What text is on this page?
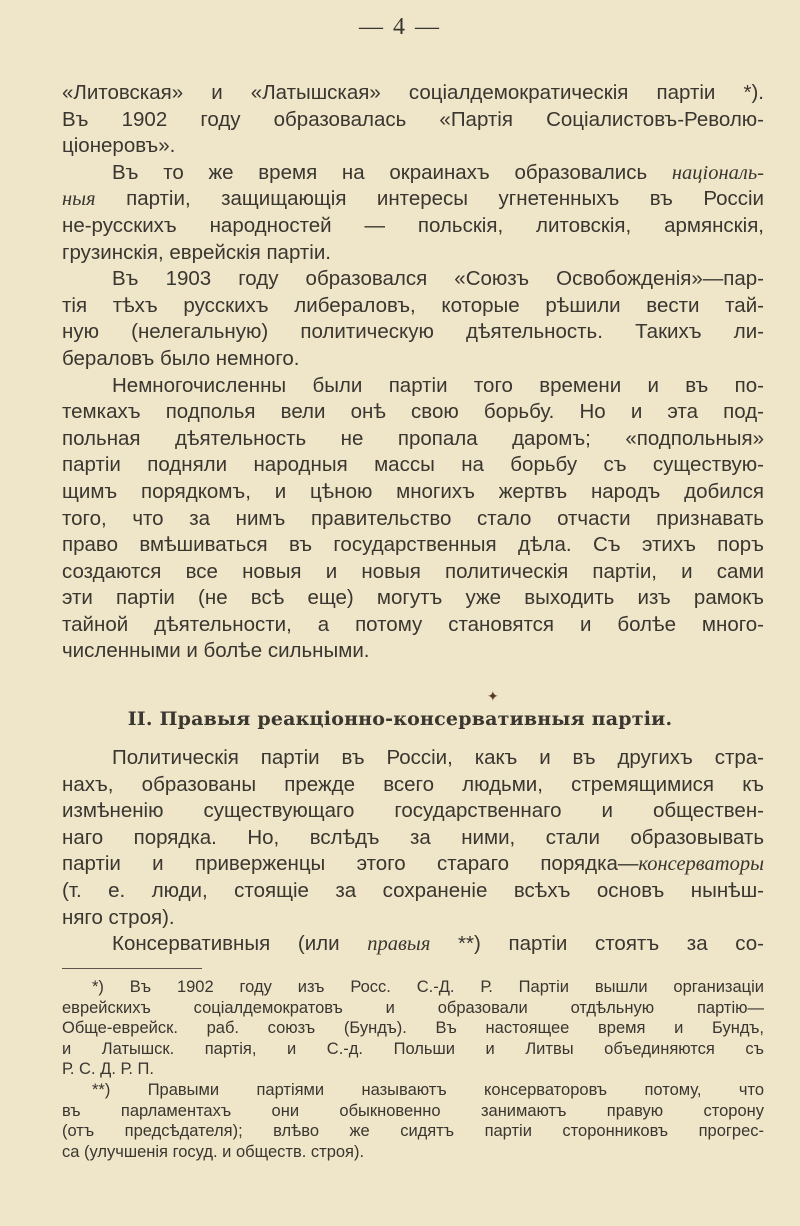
— 4 —
«Литовская» и «Латышская» соціалдемократическія партіи *).
Въ 1902 году образовалась «Партія Соціалистовъ-Револю-
ціонеровъ».
Въ то же время на окраинахъ образовались національ-
ныя партіи, защищающія интересы угнетенныхъ въ Россіи
не-русскихъ народностей — польскія, литовскія, армянскія,
грузинскія, еврейскія партіи.
Въ 1903 году образовался «Союзъ Освобожденія»—пар-
тія тѣхъ русскихъ либераловъ, которые рѣшили вести тай-
ную (нелегальную) политическую дѣятельность. Такихъ ли-
бераловъ было немного.
Немногочисленны были партіи того времени и въ по-
темкахъ подполья вели онѣ свою борьбу. Но и эта под-
польная дѣятельность не пропала даромъ; «подпольныя»
партіи подняли народныя массы на борьбу съ существую-
щимъ порядкомъ, и цѣною многихъ жертвъ народъ добился
того, что за нимъ правительство стало отчасти признавать
право вмѣшиваться въ государственныя дѣла. Съ этихъ поръ
создаются все новыя и новыя политическія партіи, и сами
эти партіи (не всѣ еще) могутъ уже выходить изъ рамокъ
тайной дѣятельности, а потому становятся и болѣе много-
численными и болѣе сильными.
✦
II. Правыя реакціонно-консервативныя партіи.
Политическія партіи въ Россіи, какъ и въ другихъ стра-
нахъ, образованы прежде всего людьми, стремящимися къ
измѣненію существующаго государственнаго и обществен-
наго порядка. Но, вслѣдъ за ними, стали образовывать
партіи и приверженцы этого стараго порядка—консерваторы
(т. е. люди, стоящіе за сохраненіе всѣхъ основъ нынѣш-
няго строя).
Консервативныя (или правыя **) партіи стоятъ за со-
*) Въ 1902 году изъ Росс. С.-Д. Р. Партіи вышли организаціи
еврейскихъ соціалдемократовъ и образовали отдѣльную партію—
Обще-еврейск. раб. союзъ (Бундъ). Въ настоящее время и Бундъ,
и Латышск. партія, и С.-д. Польши и Литвы объединяются съ
Р. С. Д. Р. П.
**) Правыми партіями называютъ консерваторовъ потому, что
въ парламентахъ они обыкновенно занимаютъ правую сторону
(отъ предсѣдателя); влѣво же сидятъ партіи сторонниковъ прогрес-
са (улучшенія госуд. и обществ. строя).
